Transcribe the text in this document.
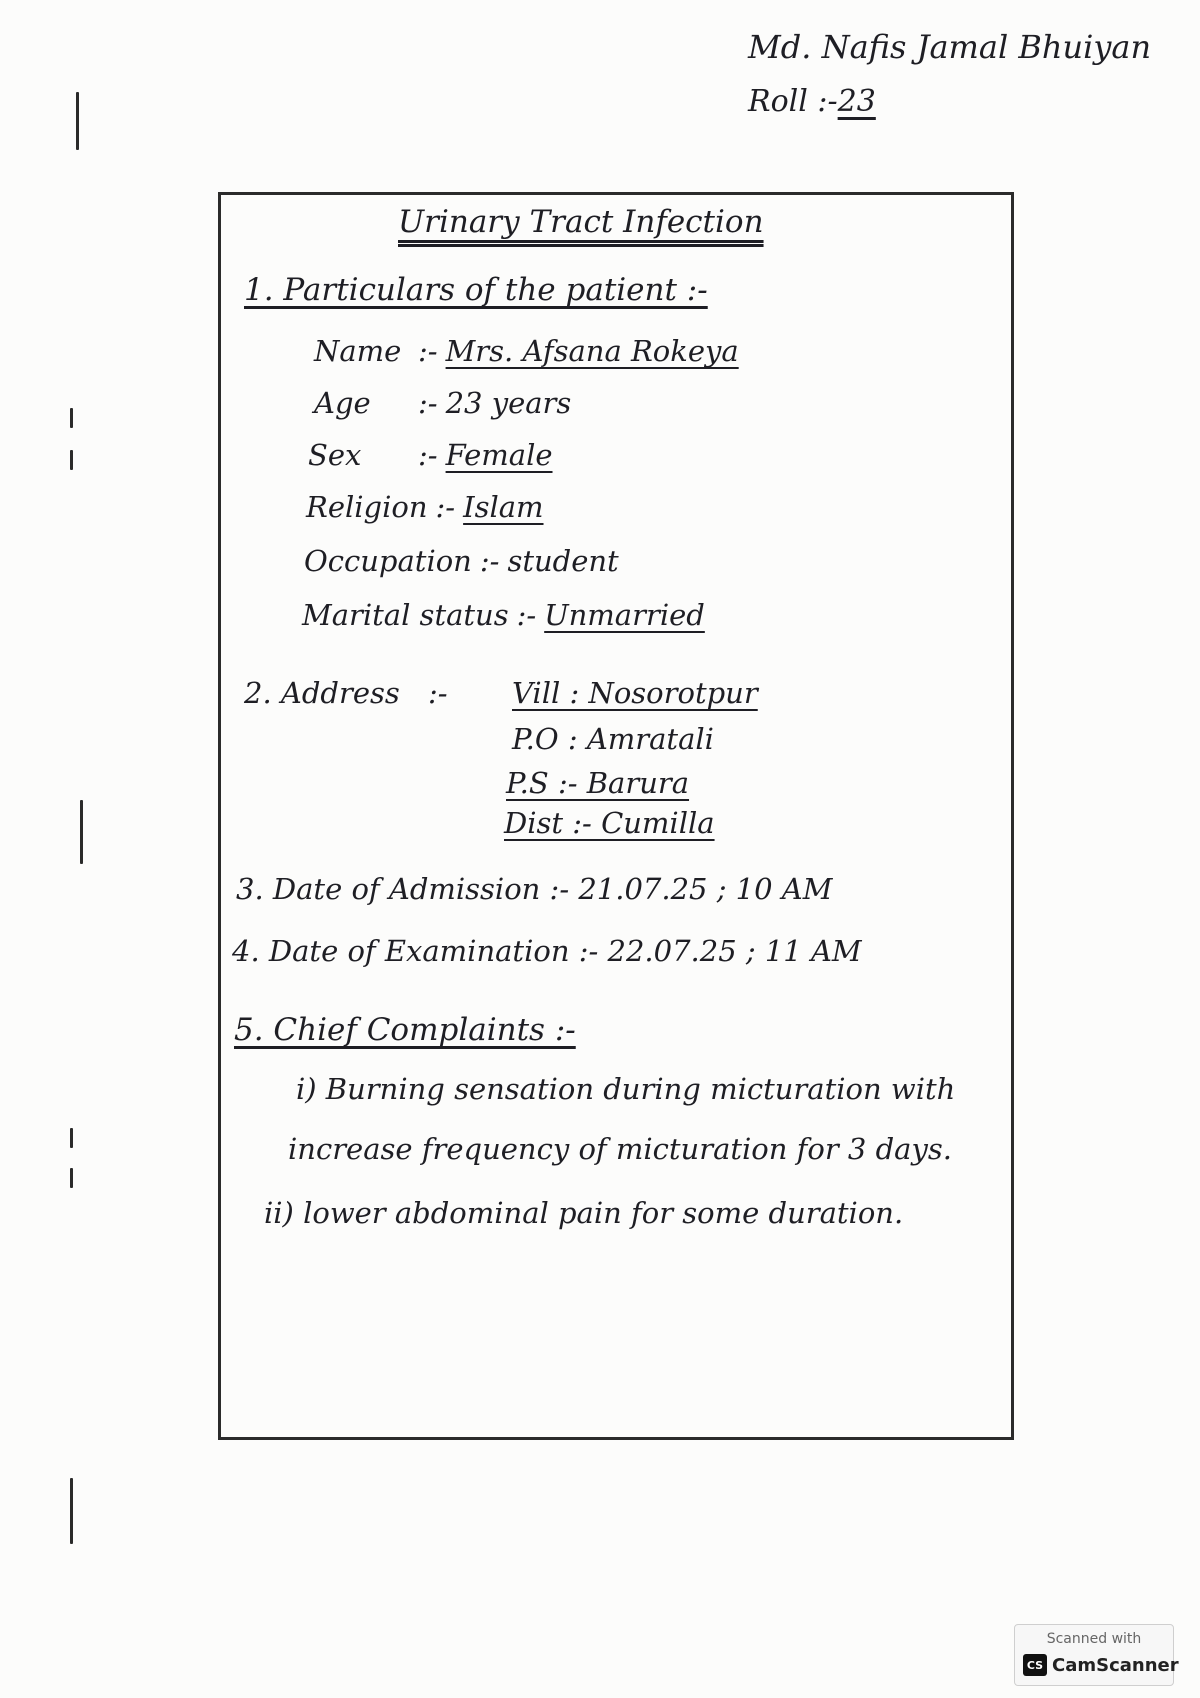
Md. Nafis Jamal Bhuiyan
Roll :-23
Urinary Tract Infection
1. Particulars of the patient :-
Name :- Mrs. Afsana Rokeya
Age :- 23 years
Sex :- Female
Religion :- Islam
Occupation :- student
Marital status :- Unmarried
2. Address :- Vill : Nosorotpur
P.O : Amratali
P.S :- Barura
Dist :- Cumilla
3. Date of Admission :- 21.07.25 ; 10 AM
4. Date of Examination :- 22.07.25 ; 11 AM
5. Chief Complaints :-
i) Burning sensation during micturation with
increase frequency of micturation for 3 days.
ii) lower abdominal pain for some duration.
Scanned with
CS CamScanner
